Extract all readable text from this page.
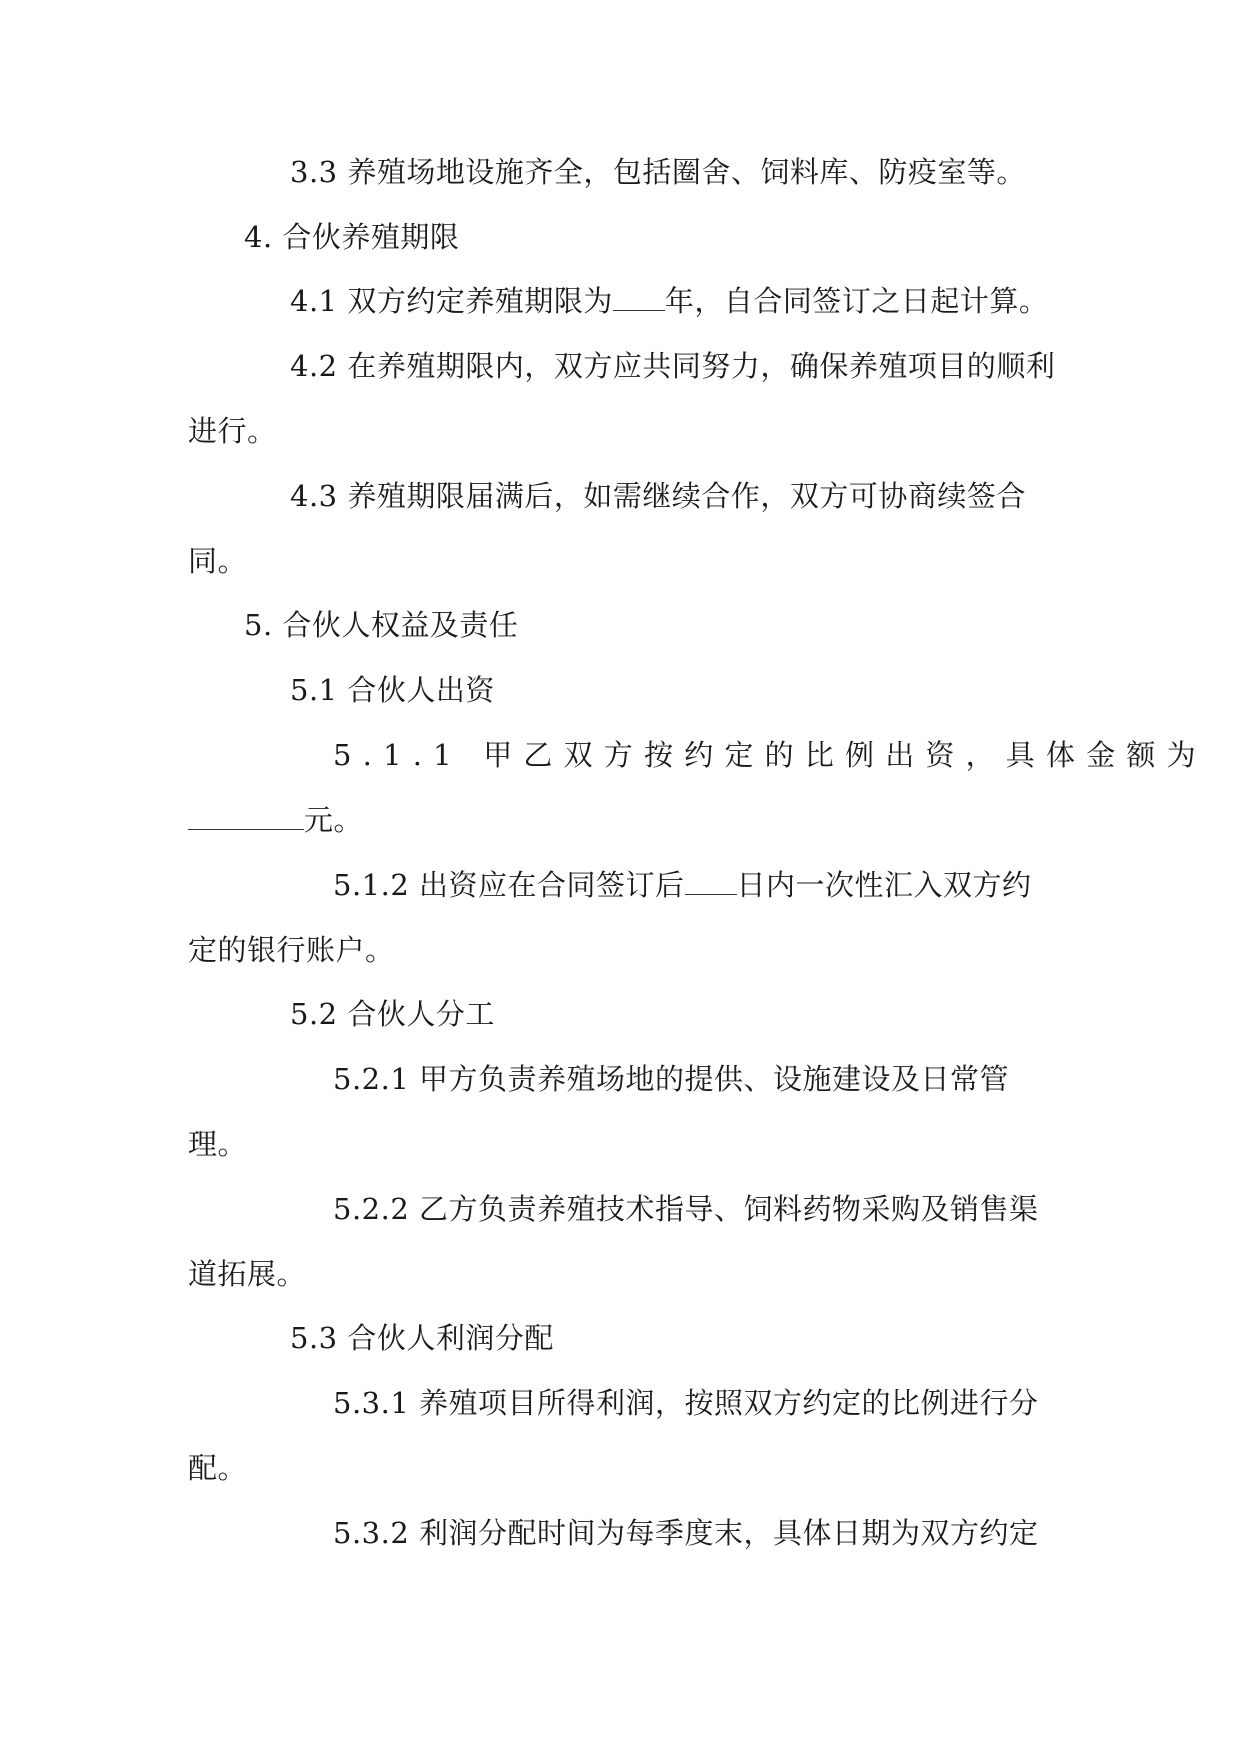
3.3 养殖场地设施齐全，包括圈舍、饲料库、防疫室等。
4. 合伙养殖期限
4.1 双方约定养殖期限为 年，自合同签订之日起计算。
4.2 在养殖期限内，双方应共同努力，确保养殖项目的顺利
进行。
4.3 养殖期限届满后，如需继续合作，双方可协商续签合
同。
5. 合伙人权益及责任
5.1 合伙人出资
5.1.1 甲乙双方按约定的比例出资，具体金额为
元。
5.1.2 出资应在合同签订后 日内一次性汇入双方约
定的银行账户。
5.2 合伙人分工
5.2.1 甲方负责养殖场地的提供、设施建设及日常管
理。
5.2.2 乙方负责养殖技术指导、饲料药物采购及销售渠
道拓展。
5.3 合伙人利润分配
5.3.1 养殖项目所得利润，按照双方约定的比例进行分
配。
5.3.2 利润分配时间为每季度末，具体日期为双方约定
